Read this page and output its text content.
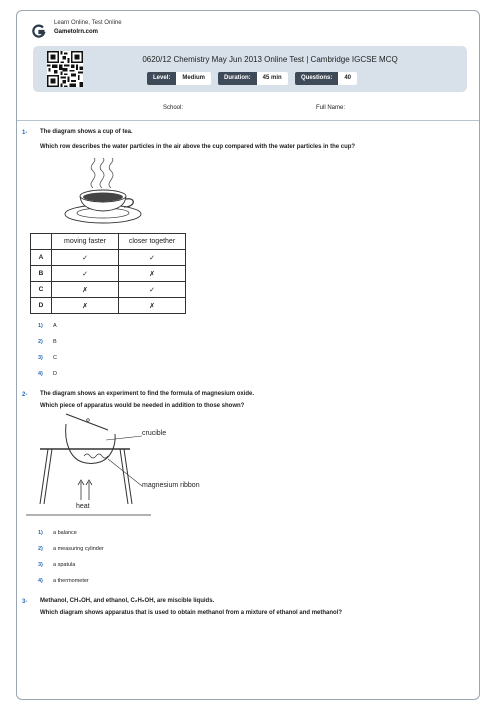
Learn Online, Test Online
Gametolrn.com
0620/12 Chemistry May Jun 2013 Online Test | Cambridge IGCSE MCQ
Level:	Medium	Duration:	45 min	Questions:	40
School:	Full Name:
1- The diagram shows a cup of tea.
Which row describes the water particles in the air above the cup compared with the water particles in the cup?
	moving faster	closer together
A	✓	✓
B	✓	✗
C	✗	✓
D	✗	✗
1) A
2) B
3) C
4) D
2- The diagram shows an experiment to find the formula of magnesium oxide.
Which piece of apparatus would be needed in addition to those shown?
crucible
magnesium ribbon
heat
1) a balance
2) a measuring cylinder
3) a spatula
4) a thermometer
3- Methanol, CH₃OH, and ethanol, C₂H₅OH, are miscible liquids.
Which diagram shows apparatus that is used to obtain methanol from a mixture of ethanol and methanol?
